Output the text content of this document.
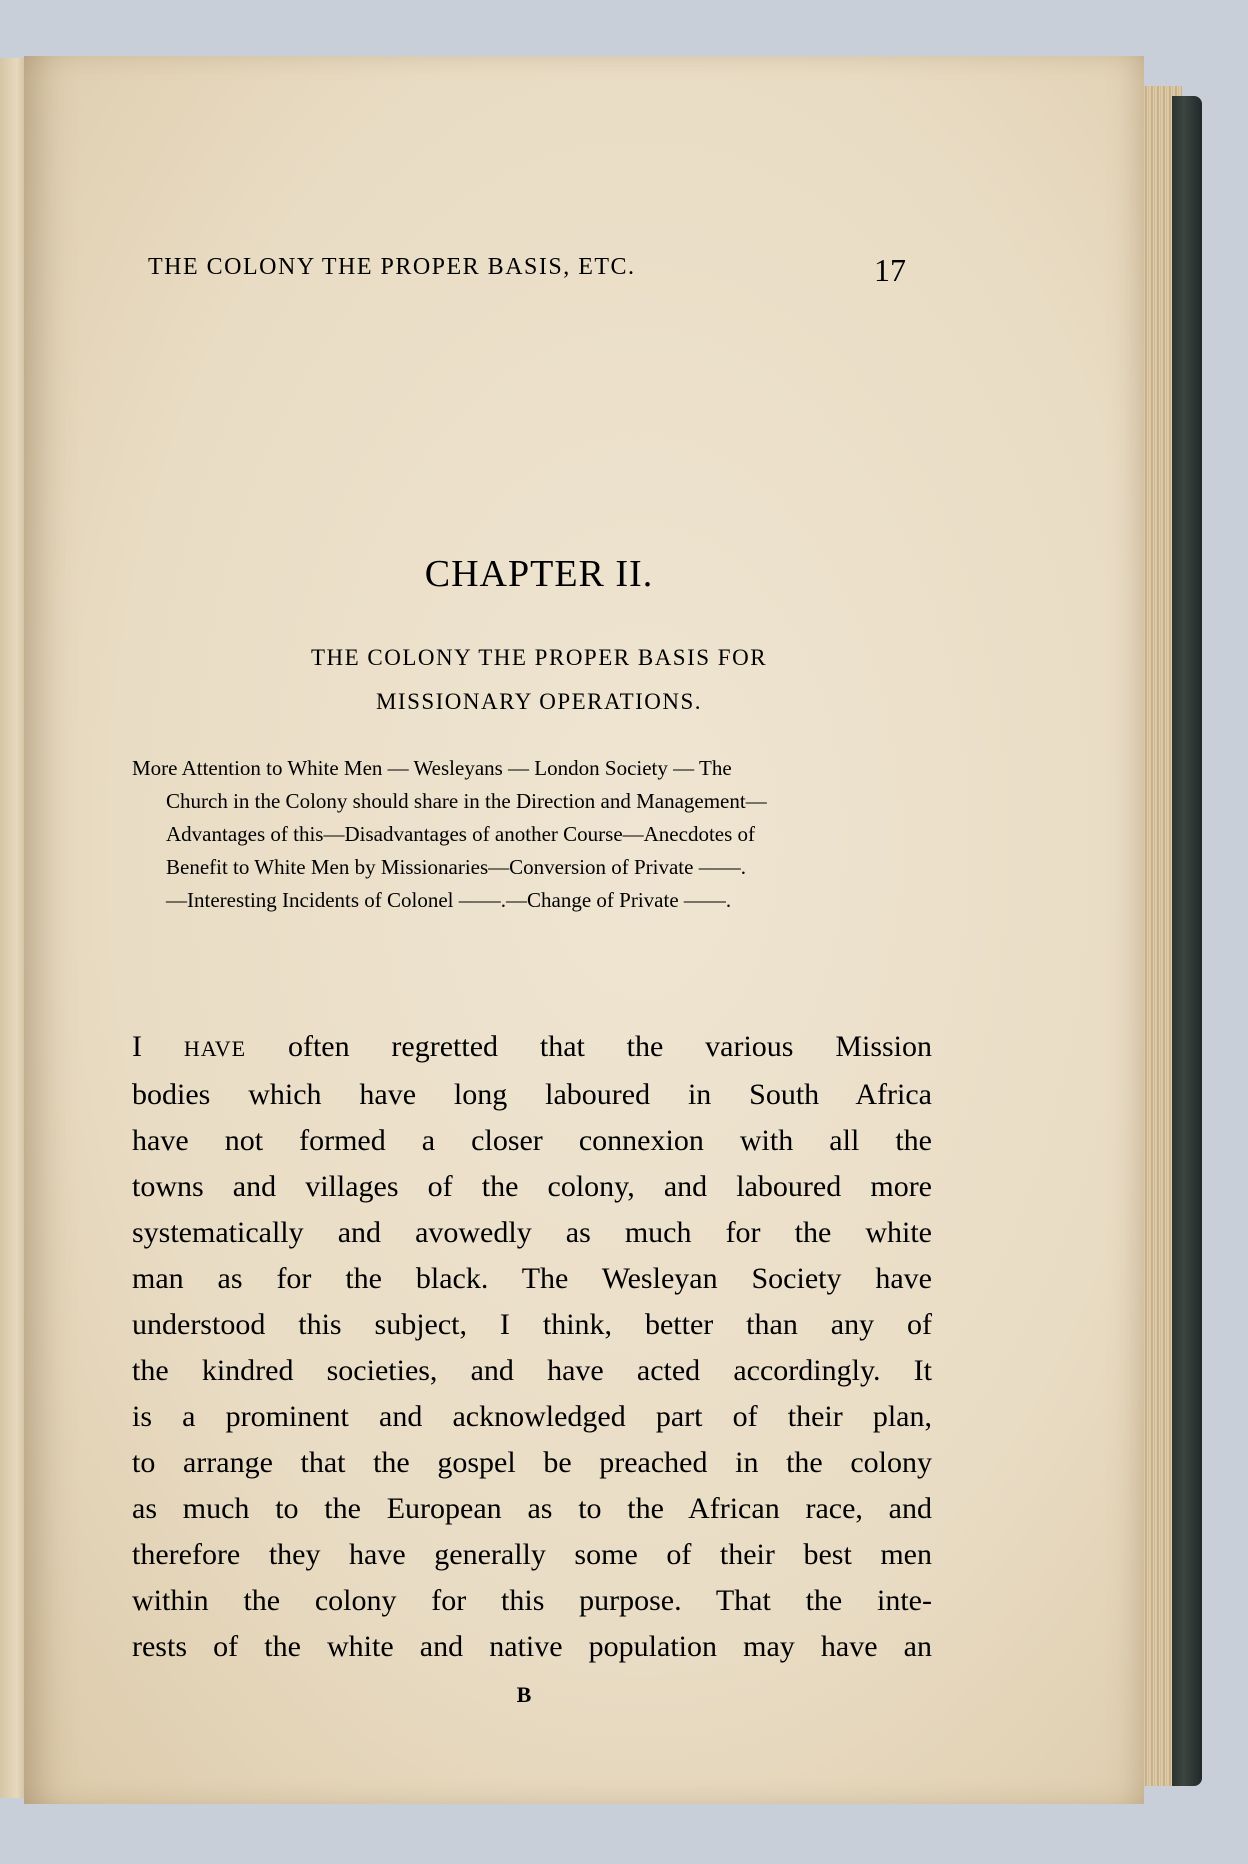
THE COLONY THE PROPER BASIS, ETC.	17
CHAPTER II.
THE COLONY THE PROPER BASIS FOR
MISSIONARY OPERATIONS.
More Attention to White Men — Wesleyans — London Society — The
Church in the Colony should share in the Direction and Management—
Advantages of this—Disadvantages of another Course—Anecdotes of
Benefit to White Men by Missionaries—Conversion of Private ——.
—Interesting Incidents of Colonel ——.—Change of Private ——.
I HAVE often regretted that the various Mission
bodies which have long laboured in South Africa
have not formed a closer connexion with all the
towns and villages of the colony, and laboured more
systematically and avowedly as much for the white
man as for the black. The Wesleyan Society have
understood this subject, I think, better than any of
the kindred societies, and have acted accordingly. It
is a prominent and acknowledged part of their plan,
to arrange that the gospel be preached in the colony
as much to the European as to the African race, and
therefore they have generally some of their best men
within the colony for this purpose. That the inte-
rests of the white and native population may have an
B
